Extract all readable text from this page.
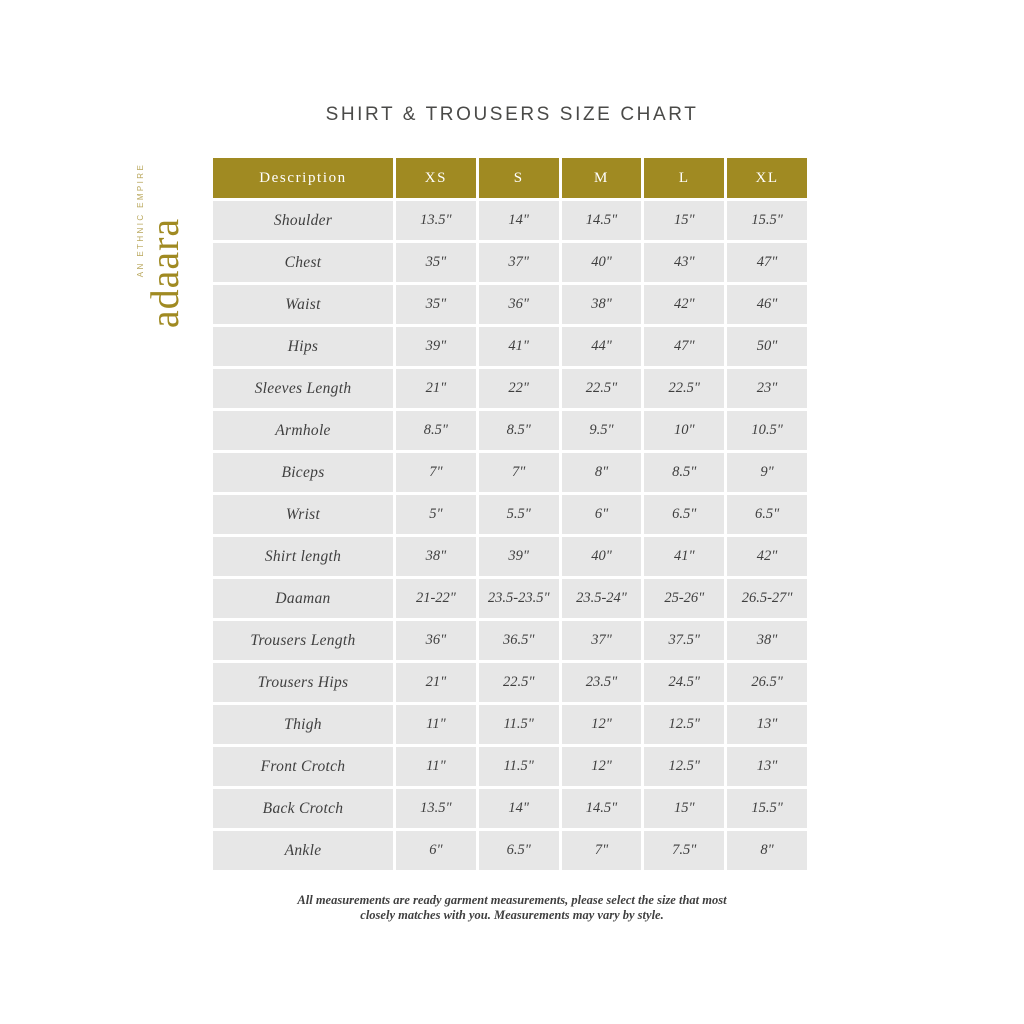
SHIRT & TROUSERS SIZE CHART
adaara
AN ETHNIC EMPIRE	Description	XS	S	M	L	XL
Shoulder	13.5"	14"	14.5"	15"	15.5"
Chest	35"	37"	40"	43"	47"
Waist	35"	36"	38"	42"	46"
Hips	39"	41"	44"	47"	50"
Sleeves Length	21"	22"	22.5"	22.5"	23"
Armhole	8.5"	8.5"	9.5"	10"	10.5"
Biceps	7"	7"	8"	8.5"	9"
Wrist	5"	5.5"	6"	6.5"	6.5"
Shirt length	38"	39"	40"	41"	42"
Daaman	21-22"	23.5-23.5"	23.5-24"	25-26"	26.5-27"
Trousers Length	36"	36.5"	37"	37.5"	38"
Trousers Hips	21"	22.5"	23.5"	24.5"	26.5"
Thigh	11"	11.5"	12"	12.5"	13"
Front Crotch	11"	11.5"	12"	12.5"	13"
Back Crotch	13.5"	14"	14.5"	15"	15.5"
Ankle	6"	6.5"	7"	7.5"	8"
All measurements are ready garment measurements, please select the size that most
closely matches with you. Measurements may vary by style.
